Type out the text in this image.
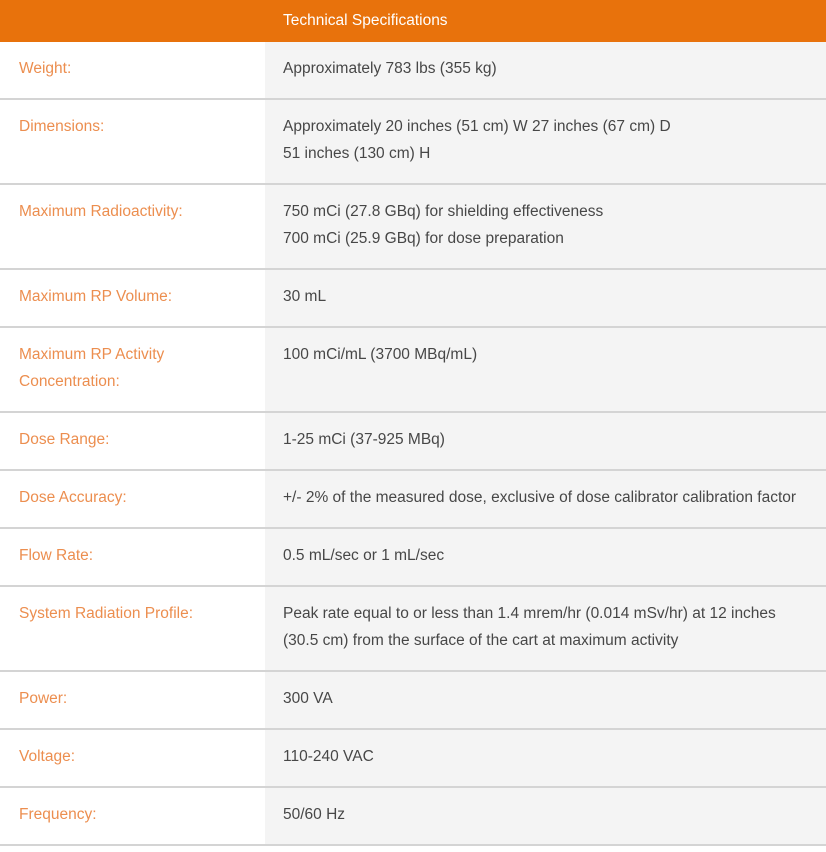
	Technical Specifications
Weight:	Approximately 783 lbs (355 kg)

Dimensions:	Approximately 20 inches (51 cm) W 27 inches (67 cm) D
51 inches (130 cm) H

Maximum Radioactivity:	750 mCi (27.8 GBq) for shielding effectiveness
700 mCi (25.9 GBq) for dose preparation

Maximum RP Volume:	30 mL

Maximum RP Activity Concentration:	100 mCi/mL (3700 MBq/mL)

Dose Range:	1-25 mCi (37-925 MBq)

Dose Accuracy:	+/- 2% of the measured dose, exclusive of dose calibrator calibration factor

Flow Rate:	0.5 mL/sec or 1 mL/sec

System Radiation Profile:	Peak rate equal to or less than 1.4 mrem/hr (0.014 mSv/hr) at 12 inches
(30.5 cm) from the surface of the cart at maximum activity

Power:	300 VA

Voltage:	110-240 VAC

Frequency:	50/60 Hz
